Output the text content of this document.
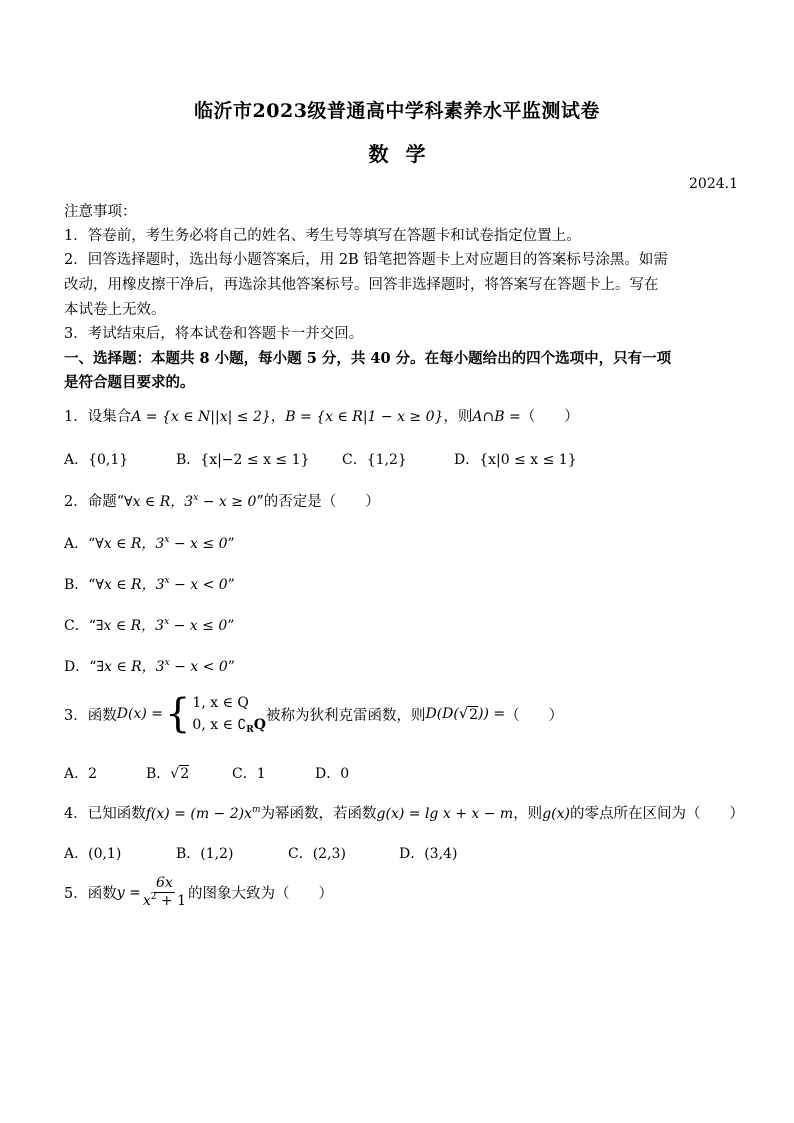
临沂市2023级普通高中学科素养水平监测试卷
数 学
2024.1
注意事项：
1．答卷前，考生务必将自己的姓名、考生号等填写在答题卡和试卷指定位置上。
2．回答选择题时，选出每小题答案后，用 2B 铅笔把答题卡上对应题目的答案标号涂黑。如需
改动，用橡皮擦干净后，再选涂其他答案标号。回答非选择题时，将答案写在答题卡上。写在
本试卷上无效。
3．考试结束后，将本试卷和答题卡一并交回。
一、选择题：本题共 8 小题，每小题 5 分，共 40 分。在每小题给出的四个选项中，只有一项
是符合题目要求的。
1．设集合A = {x ∈ N||x| ≤ 2}，B = {x ∈ R|1 − x ≥ 0}，则A∩B =（　　）
A．{0,1}	B．{x|−2 ≤ x ≤ 1} C．{1,2}	D．{x|0 ≤ x ≤ 1}
2．命题“∀x ∈ R，$3^x - x \ge 0$”的否定是（　　）
A．“∀x ∈ R，$3^x - x \le 0$”
B．“∀x ∈ R，$3^x - x < 0$”
C．“∃x ∈ R，$3^x - x \le 0$”
D．“∃x ∈ R，$3^x - x < 0$”
3．函数 D(x) = { 1, x ∈ Q
0, x ∈ $∁_RQ$
被称为狄利克雷函数，则 D(D( √ 2 )) = （　　）
A．2	B．√2	C．1	D．0
4．已知函数$f(x) = (m - 2)x^m$为幂函数，若函数g(x) = lg x + x − m，则g(x)的零点所在区间为（　　）
A．(0,1)	B．(1,2)	C．(2,3)	D．(3,4)
5．函数 $y = \frac{6x}{x^2 + 1}$ 的图象大致为（　　）
